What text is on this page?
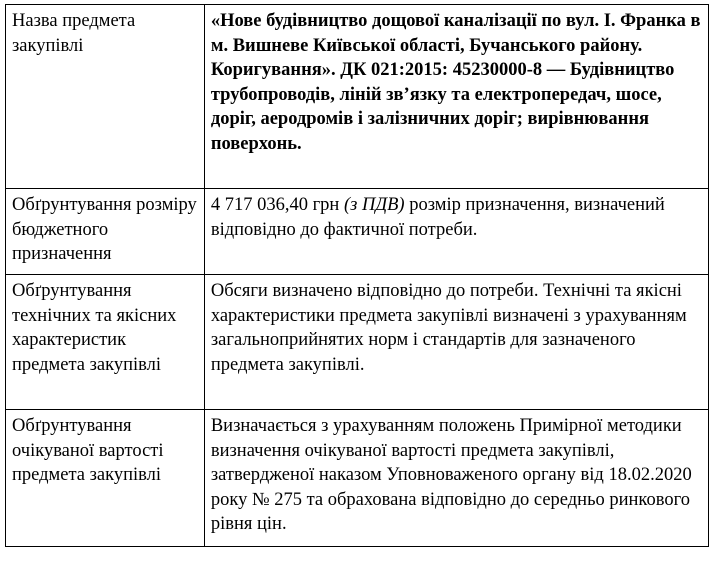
Назва предмета закупівлі	«Нове будівництво дощової каналізації по вул. І. Франка в м. Вишневе Київської області, Бучанського району. Коригування». ДК 021:2015: 45230000-8 — Будівництво трубопроводів, ліній зв’язку та електропередач, шосе, доріг, аеродромів і залізничних доріг; вирівнювання поверхонь.
Обґрунтування розміру бюджетного призначення	4 717 036,40 грн (з ПДВ) розмір призначення, визначений відповідно до фактичної потреби.
Обґрунтування технічних та якісних характеристик предмета закупівлі	Обсяги визначено відповідно до потреби. Технічні та якісні характеристики предмета закупівлі визначені з урахуванням загальноприйнятих норм і стандартів для зазначеного предмета закупівлі.
Обґрунтування очікуваної вартості предмета закупівлі	Визначається з урахуванням положень Примірної методики визначення очікуваної вартості предмета закупівлі, затвердженої наказом Уповноваженого органу від 18.02.2020 року № 275 та обрахована відповідно до середньо ринкового рівня цін.
